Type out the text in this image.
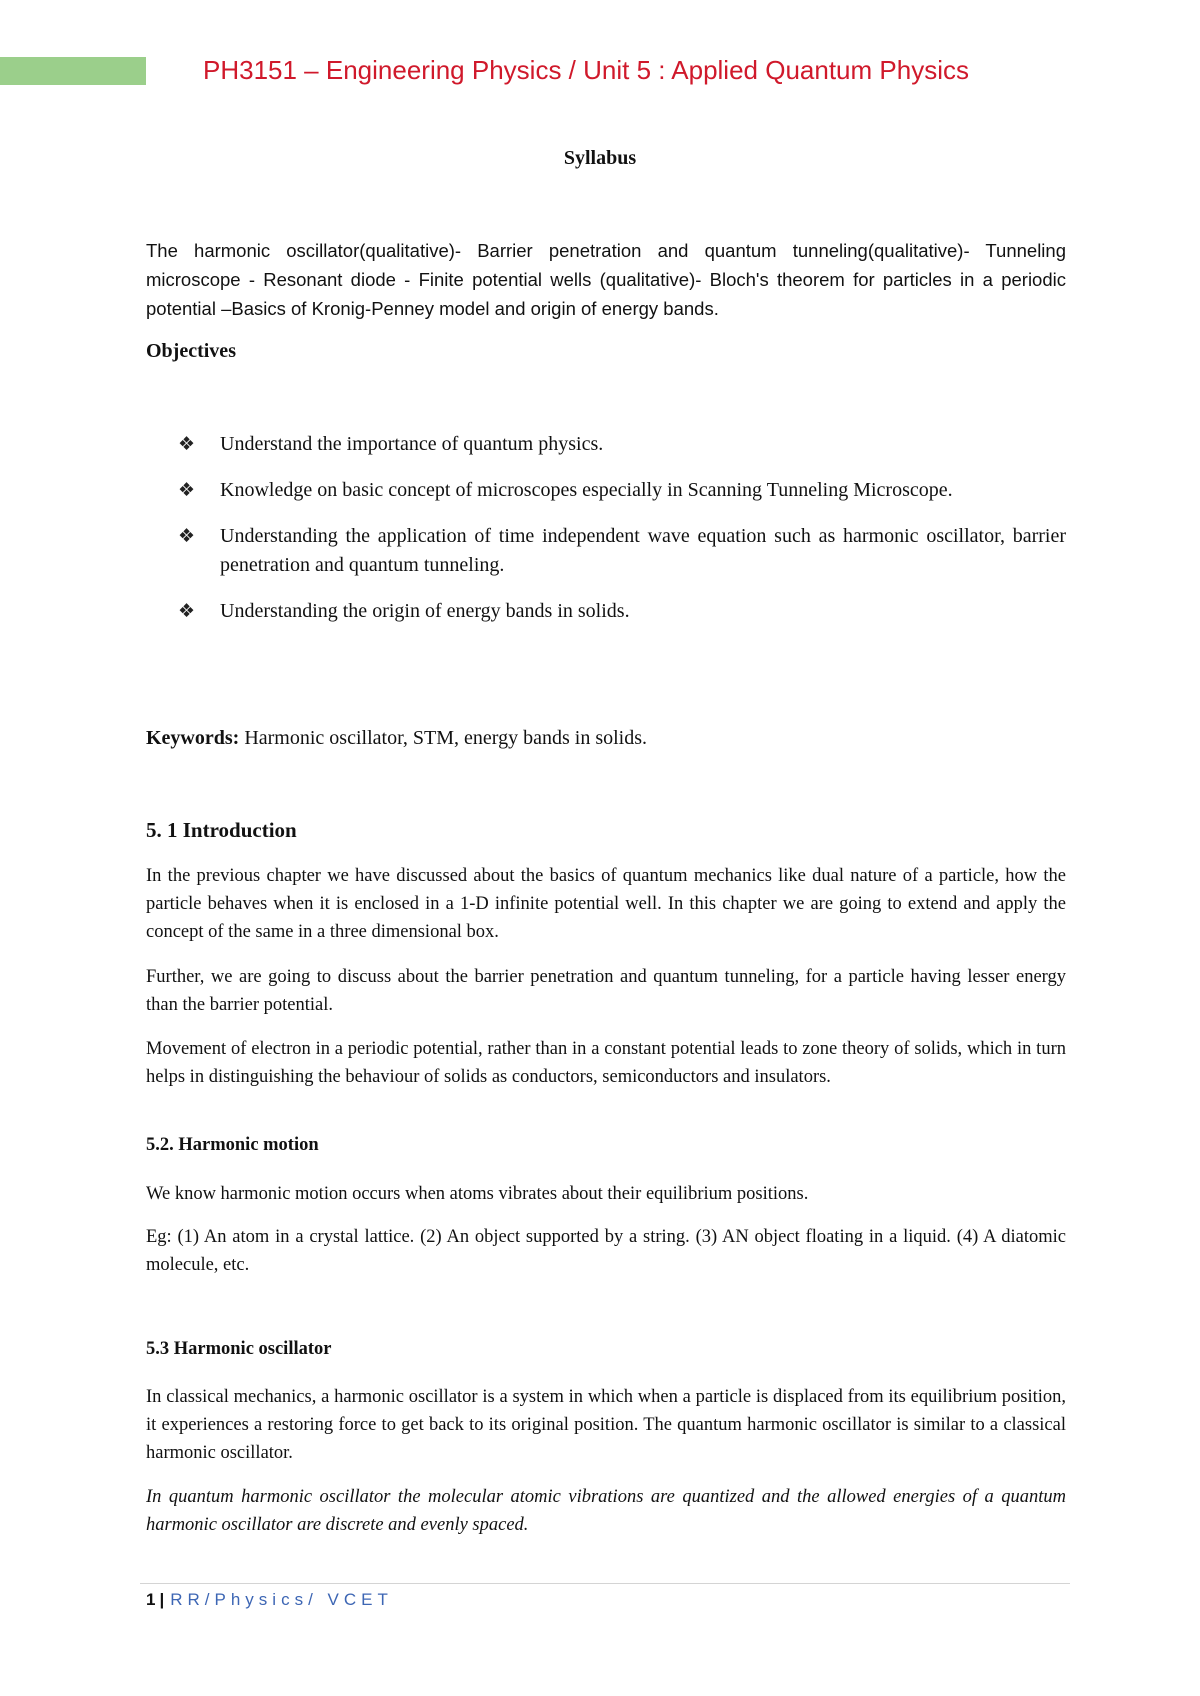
PH3151 – Engineering Physics / Unit 5 : Applied Quantum Physics
Syllabus
The harmonic oscillator(qualitative)- Barrier penetration and quantum tunneling(qualitative)- Tunneling microscope - Resonant diode - Finite potential wells (qualitative)- Bloch's theorem for particles in a periodic potential –Basics of Kronig-Penney model and origin of energy bands.
Objectives
❖ Understand the importance of quantum physics.
❖ Knowledge on basic concept of microscopes especially in Scanning Tunneling Microscope.
❖ Understanding the application of time independent wave equation such as harmonic oscillator, barrier penetration and quantum tunneling.
❖ Understanding the origin of energy bands in solids.
Keywords: Harmonic oscillator, STM, energy bands in solids.
5. 1 Introduction
In the previous chapter we have discussed about the basics of quantum mechanics like dual nature of a particle, how the particle behaves when it is enclosed in a 1-D infinite potential well. In this chapter we are going to extend and apply the concept of the same in a three dimensional box.
Further, we are going to discuss about the barrier penetration and quantum tunneling, for a particle having lesser energy than the barrier potential.
Movement of electron in a periodic potential, rather than in a constant potential leads to zone theory of solids, which in turn helps in distinguishing the behaviour of solids as conductors, semiconductors and insulators.
5.2. Harmonic motion
We know harmonic motion occurs when atoms vibrates about their equilibrium positions.
Eg: (1) An atom in a crystal lattice. (2) An object supported by a string. (3) AN object floating in a liquid. (4) A diatomic molecule, etc.
5.3 Harmonic oscillator
In classical mechanics, a harmonic oscillator is a system in which when a particle is displaced from its equilibrium position, it experiences a restoring force to get back to its original position. The quantum harmonic oscillator is similar to a classical harmonic oscillator.
In quantum harmonic oscillator the molecular atomic vibrations are quantized and the allowed energies of a quantum harmonic oscillator are discrete and evenly spaced.
1 | RR/Physics/ VCET
